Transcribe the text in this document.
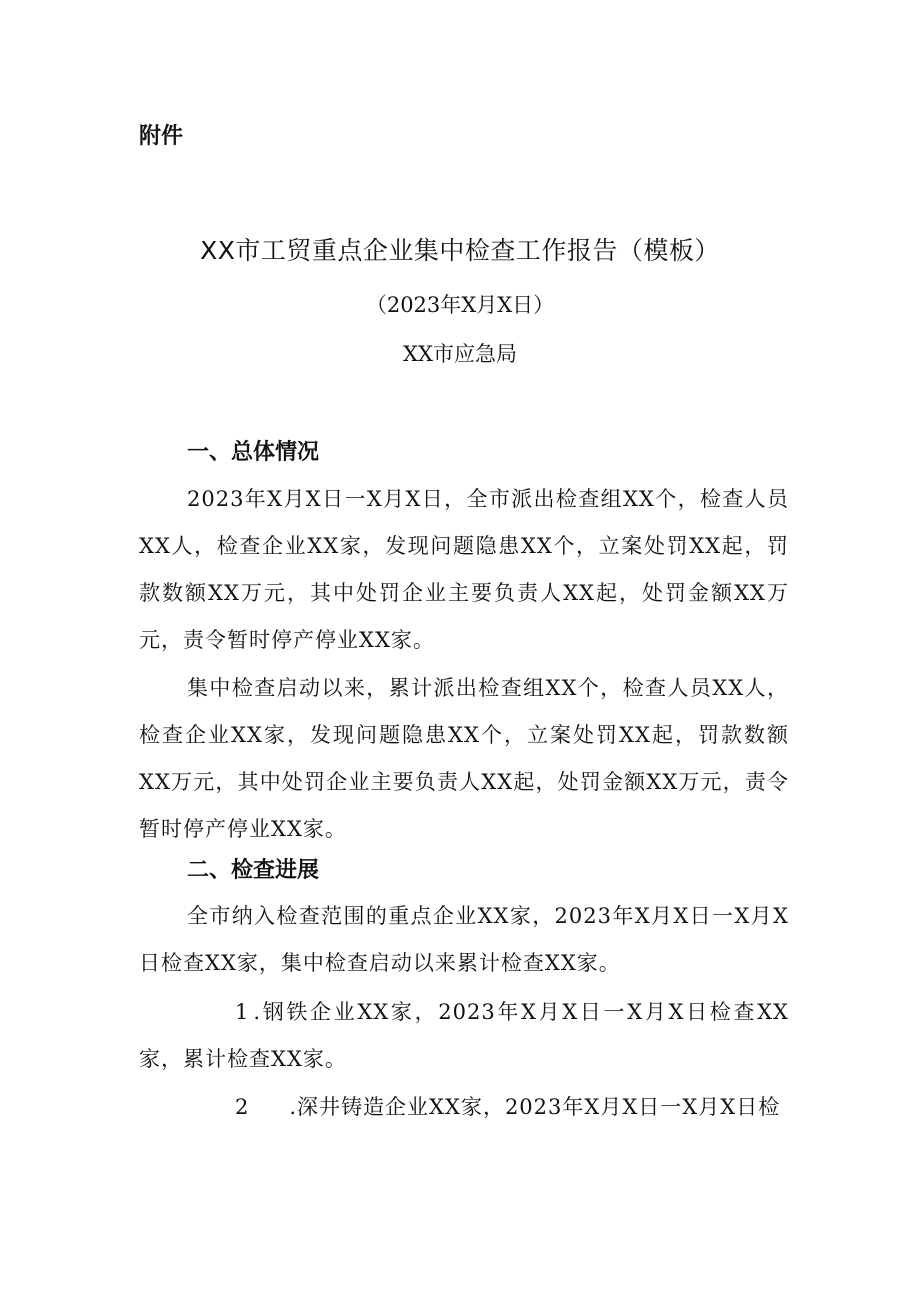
附件
XX市工贸重点企业集中检查工作报告（模板）
（2023年X月X日）
XX市应急局
一、总体情况
2023年X月X日一X月X日，全市派出检查组XX个，检查人员XX人，检查企业XX家，发现问题隐患XX个，立案处罚XX起，罚款数额XX万元，其中处罚企业主要负责人XX起，处罚金额XX万元，责令暂时停产停业XX家。
集中检查启动以来，累计派出检查组XX个，检查人员XX人，检查企业XX家，发现问题隐患XX个，立案处罚XX起，罚款数额XX万元，其中处罚企业主要负责人XX起，处罚金额XX万元，责令暂时停产停业XX家。
二、检查进展
全市纳入检查范围的重点企业XX家，2023年X月X日一X月X日检查XX家，集中检查启动以来累计检查XX家。
1 .钢铁企业XX家，2023年X月X日一X月X日检查XX家，累计检查XX家。
2 .深井铸造企业XX家，2023年X月X日一X月X日检
